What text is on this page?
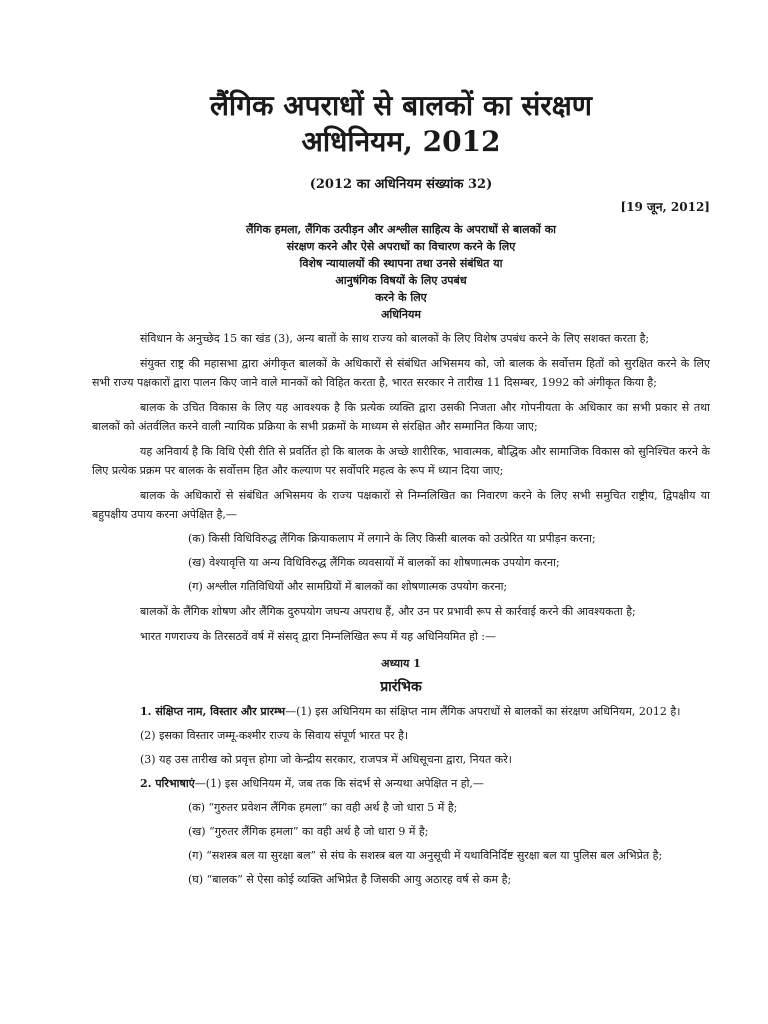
लैंगिक अपराधों से बालकों का संरक्षण
अधिनियम, 2012
(2012 का अधिनियम संख्यांक 32)
[19 जून, 2012]
लैंगिक हमला, लैंगिक उत्पीड़न और अश्लील साहित्य के अपराधों से बालकों का
संरक्षण करने और ऐसे अपराधों का विचारण करने के लिए
विशेष न्यायालयों की स्थापना तथा उनसे संबंधित या
आनुषंगिक विषयों के लिए उपबंध
करने के लिए
अधिनियम

संविधान के अनुच्छेद 15 का खंड (3), अन्य बातों के साथ राज्य को बालकों के लिए विशेष उपबंध करने के लिए सशक्त करता है;

संयुक्त राष्ट्र की महासभा द्वारा अंगीकृत बालकों के अधिकारों से संबंधित अभिसमय को, जो बालक के सर्वोत्तम हितों को सुरक्षित करने के लिए सभी राज्य पक्षकारों द्वारा पालन किए जाने वाले मानकों को विहित करता है, भारत सरकार ने तारीख 11 दिसम्बर, 1992 को अंगीकृत किया है;

बालक के उचित विकास के लिए यह आवश्यक है कि प्रत्येक व्यक्ति द्वारा उसकी निजता और गोपनीयता के अधिकार का सभी प्रकार से तथा बालकों को अंतर्वलित करने वाली न्यायिक प्रक्रिया के सभी प्रक्रमों के माध्यम से संरक्षित और सम्मानित किया जाए;

यह अनिवार्य है कि विधि ऐसी रीति से प्रवर्तित हो कि बालक के अच्छे शारीरिक, भावात्मक, बौद्धिक और सामाजिक विकास को सुनिश्चित करने के लिए प्रत्येक प्रक्रम पर बालक के सर्वोत्तम हित और कल्याण पर सर्वोपरि महत्व के रूप में ध्यान दिया जाए;

बालक के अधिकारों से संबंधित अभिसमय के राज्य पक्षकारों से निम्नलिखित का निवारण करने के लिए सभी समुचित राष्ट्रीय, द्विपक्षीय या बहुपक्षीय उपाय करना अपेक्षित है,—

(क) किसी विधिविरुद्ध लैंगिक क्रियाकलाप में लगाने के लिए किसी बालक को उत्प्रेरित या प्रपीड़न करना;
(ख) वेश्यावृत्ति या अन्य विधिविरुद्ध लैंगिक व्यवसायों में बालकों का शोषणात्मक उपयोग करना;
(ग) अश्लील गतिविधियों और सामग्रियों में बालकों का शोषणात्मक उपयोग करना;

बालकों के लैंगिक शोषण और लैंगिक दुरुपयोग जघन्य अपराध हैं, और उन पर प्रभावी रूप से कार्रवाई करने की आवश्यकता है;

भारत गणराज्य के तिरसठवें वर्ष में संसद् द्वारा निम्नलिखित रूप में यह अधिनियमित हो :—

अध्याय 1
प्रारंभिक

1. संक्षिप्त नाम, विस्तार और प्रारम्भ—(1) इस अधिनियम का संक्षिप्त नाम लैंगिक अपराधों से बालकों का संरक्षण अधिनियम, 2012 है।

(2) इसका विस्तार जम्मू-कश्मीर राज्य के सिवाय संपूर्ण भारत पर है।
(3) यह उस तारीख को प्रवृत्त होगा जो केन्द्रीय सरकार, राजपत्र में अधिसूचना द्वारा, नियत करे।
2. परिभाषाएं—(1) इस अधिनियम में, जब तक कि संदर्भ से अन्यथा अपेक्षित न हो,—
(क) “गुरुतर प्रवेशन लैंगिक हमला” का वही अर्थ है जो धारा 5 में है;
(ख) “गुरुतर लैंगिक हमला” का वही अर्थ है जो धारा 9 में है;
(ग) “सशस्त्र बल या सुरक्षा बल” से संघ के सशस्त्र बल या अनुसूची में यथाविनिर्दिष्ट सुरक्षा बल या पुलिस बल अभिप्रेत है;
(घ) “बालक” से ऐसा कोई व्यक्ति अभिप्रेत है जिसकी आयु अठारह वर्ष से कम है;
